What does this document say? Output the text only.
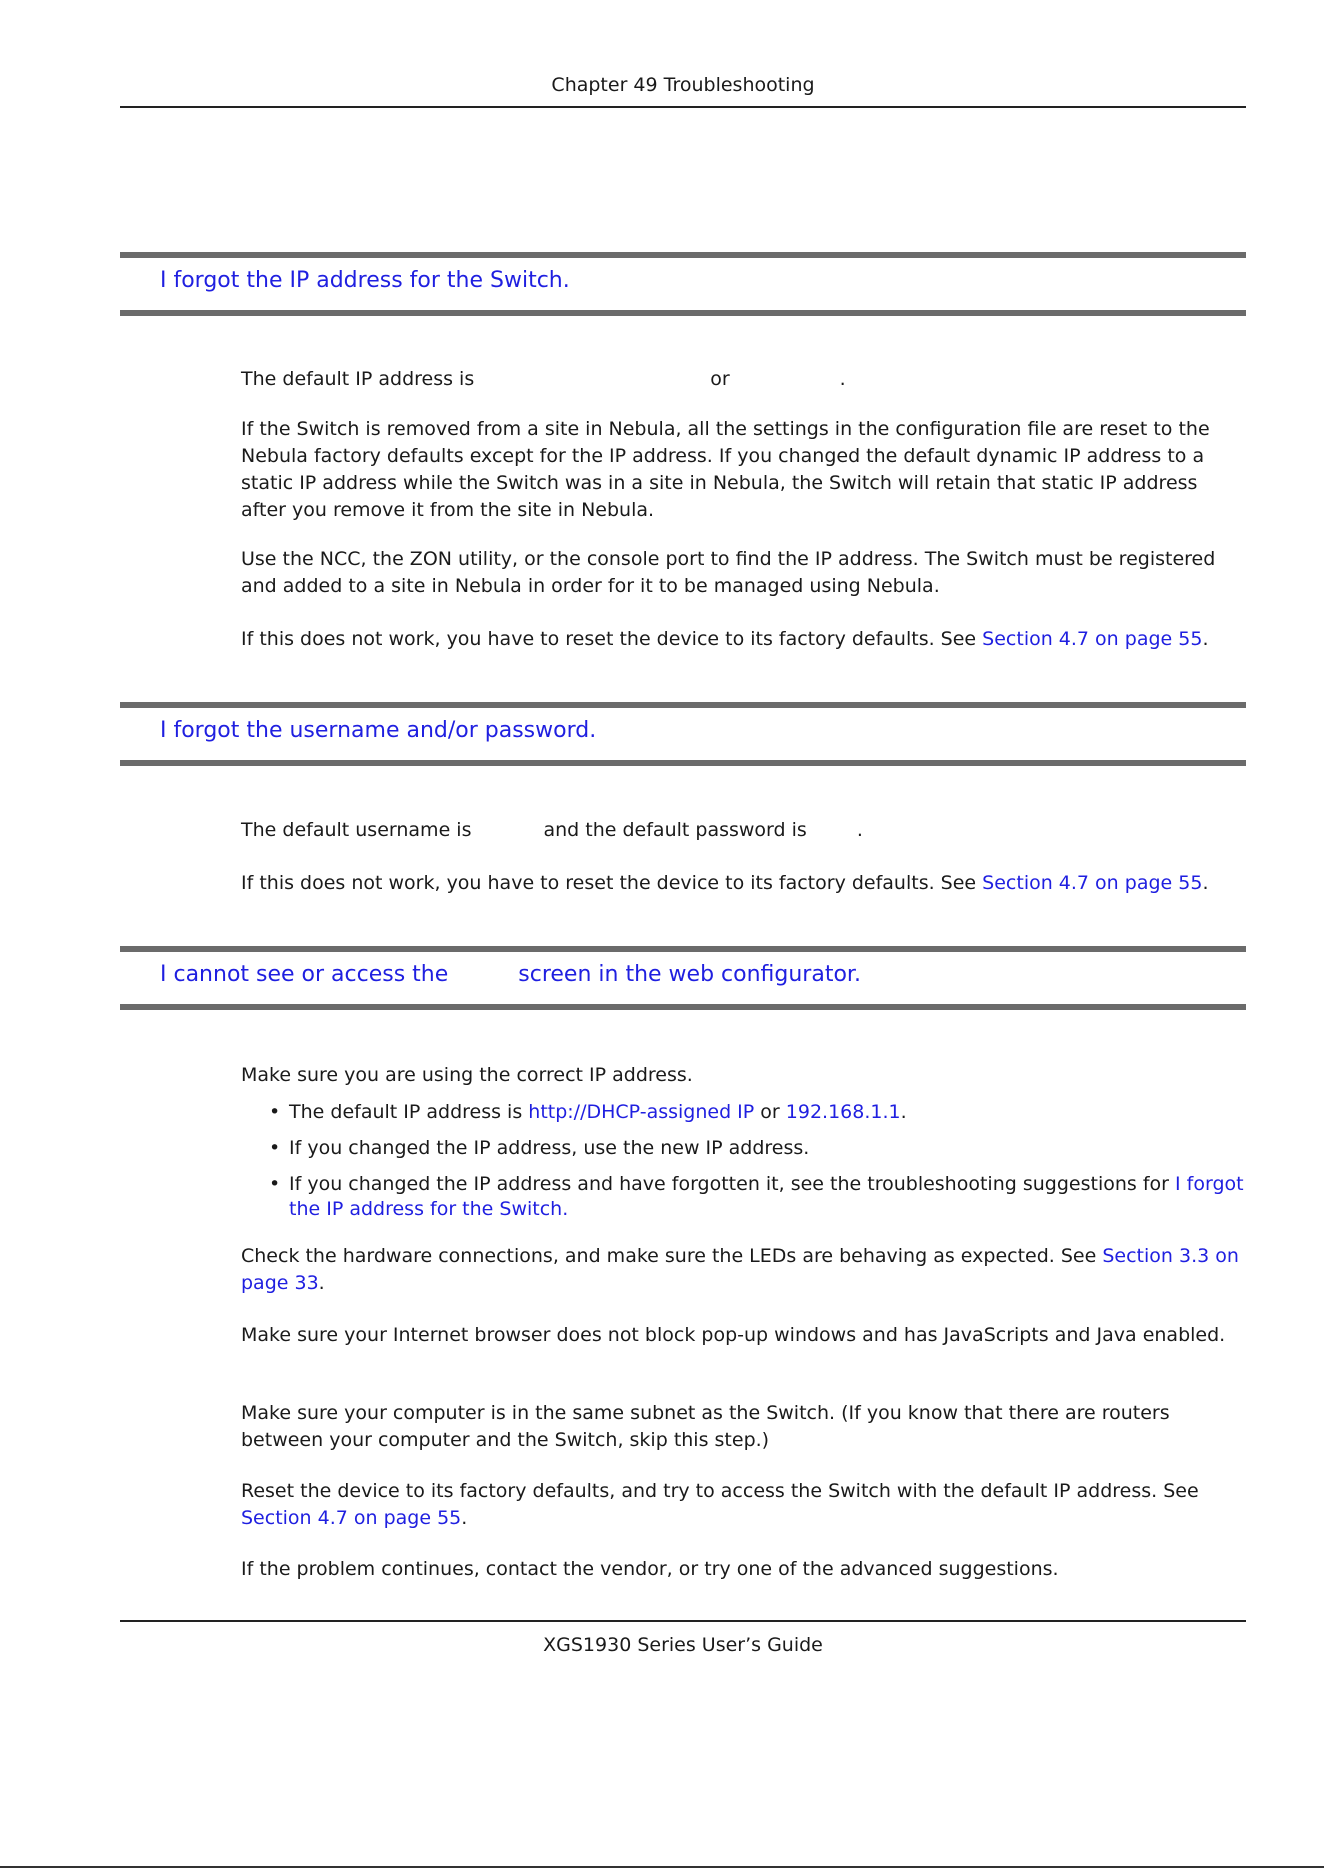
Chapter 49 Troubleshooting
I forgot the IP address for the Switch.

The default IP address is	or	.

If the Switch is removed from a site in Nebula, all the settings in the configuration file are reset to the Nebula factory defaults except for the IP address. If you changed the default dynamic IP address to a static IP address while the Switch was in a site in Nebula, the Switch will retain that static IP address after you remove it from the site in Nebula.

Use the NCC, the ZON utility, or the console port to find the IP address. The Switch must be registered and added to a site in Nebula in order for it to be managed using Nebula.

If this does not work, you have to reset the device to its factory defaults. See Section 4.7 on page 55.

I forgot the username and/or password.

The default username is	and the default password is	.

If this does not work, you have to reset the device to its factory defaults. See Section 4.7 on page 55.

I cannot see or access the	screen in the web configurator.

Make sure you are using the correct IP address.

• The default IP address is http://DHCP-assigned IP or 192.168.1.1.
• If you changed the IP address, use the new IP address.
• If you changed the IP address and have forgotten it, see the troubleshooting suggestions for I forgot the IP address for the Switch.

Check the hardware connections, and make sure the LEDs are behaving as expected. See Section 3.3 on page 33.

Make sure your Internet browser does not block pop-up windows and has JavaScripts and Java enabled.

Make sure your computer is in the same subnet as the Switch. (If you know that there are routers between your computer and the Switch, skip this step.)

Reset the device to its factory defaults, and try to access the Switch with the default IP address. See Section 4.7 on page 55.

If the problem continues, contact the vendor, or try one of the advanced suggestions.

XGS1930 Series User’s Guide
